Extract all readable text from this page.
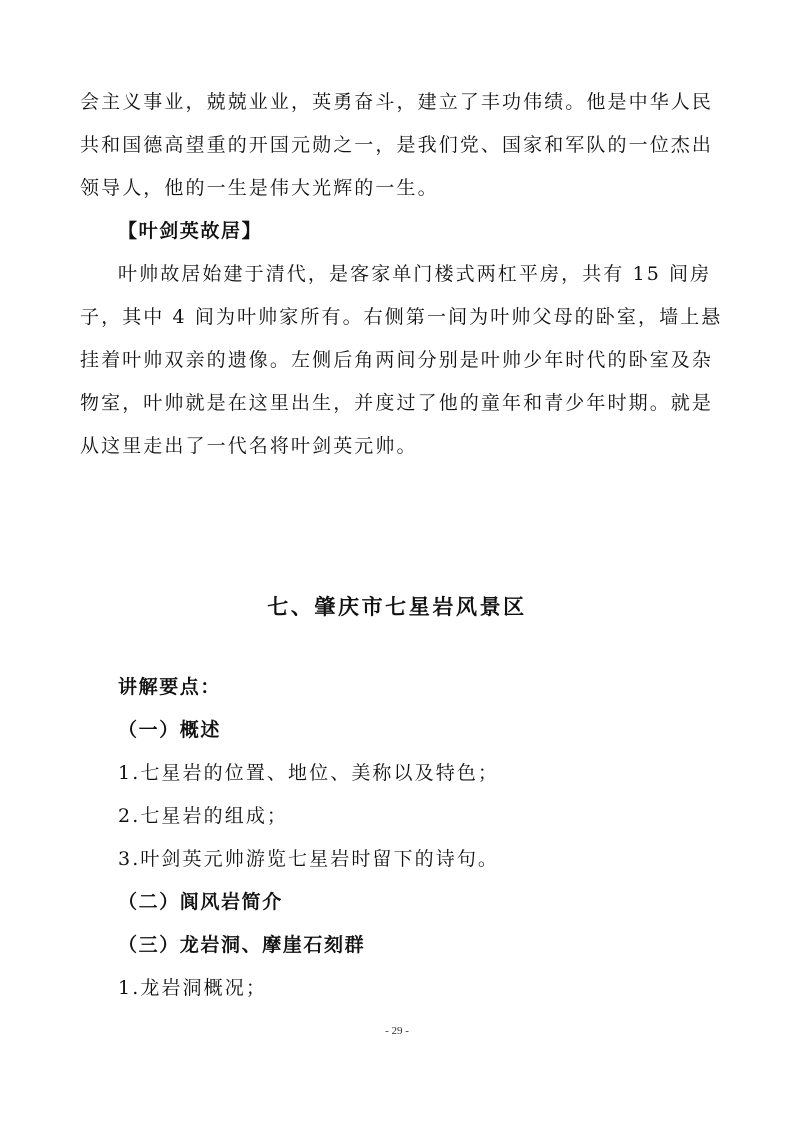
会主义事业，兢兢业业，英勇奋斗，建立了丰功伟绩。他是中华人民
共和国德高望重的开国元勋之一，是我们党、国家和军队的一位杰出
领导人，他的一生是伟大光辉的一生。
【叶剑英故居】
叶帅故居始建于清代，是客家单门楼式两杠平房，共有 15 间房
子，其中 4 间为叶帅家所有。右侧第一间为叶帅父母的卧室，墙上悬
挂着叶帅双亲的遗像。左侧后角两间分别是叶帅少年时代的卧室及杂
物室，叶帅就是在这里出生，并度过了他的童年和青少年时期。就是
从这里走出了一代名将叶剑英元帅。
七、肇庆市七星岩风景区
讲解要点：
（一）概述
1.七星岩的位置、地位、美称以及特色；
2.七星岩的组成；
3.叶剑英元帅游览七星岩时留下的诗句。
（二）阆风岩简介
（三）龙岩洞、摩崖石刻群
1.龙岩洞概况；
- 29 -
